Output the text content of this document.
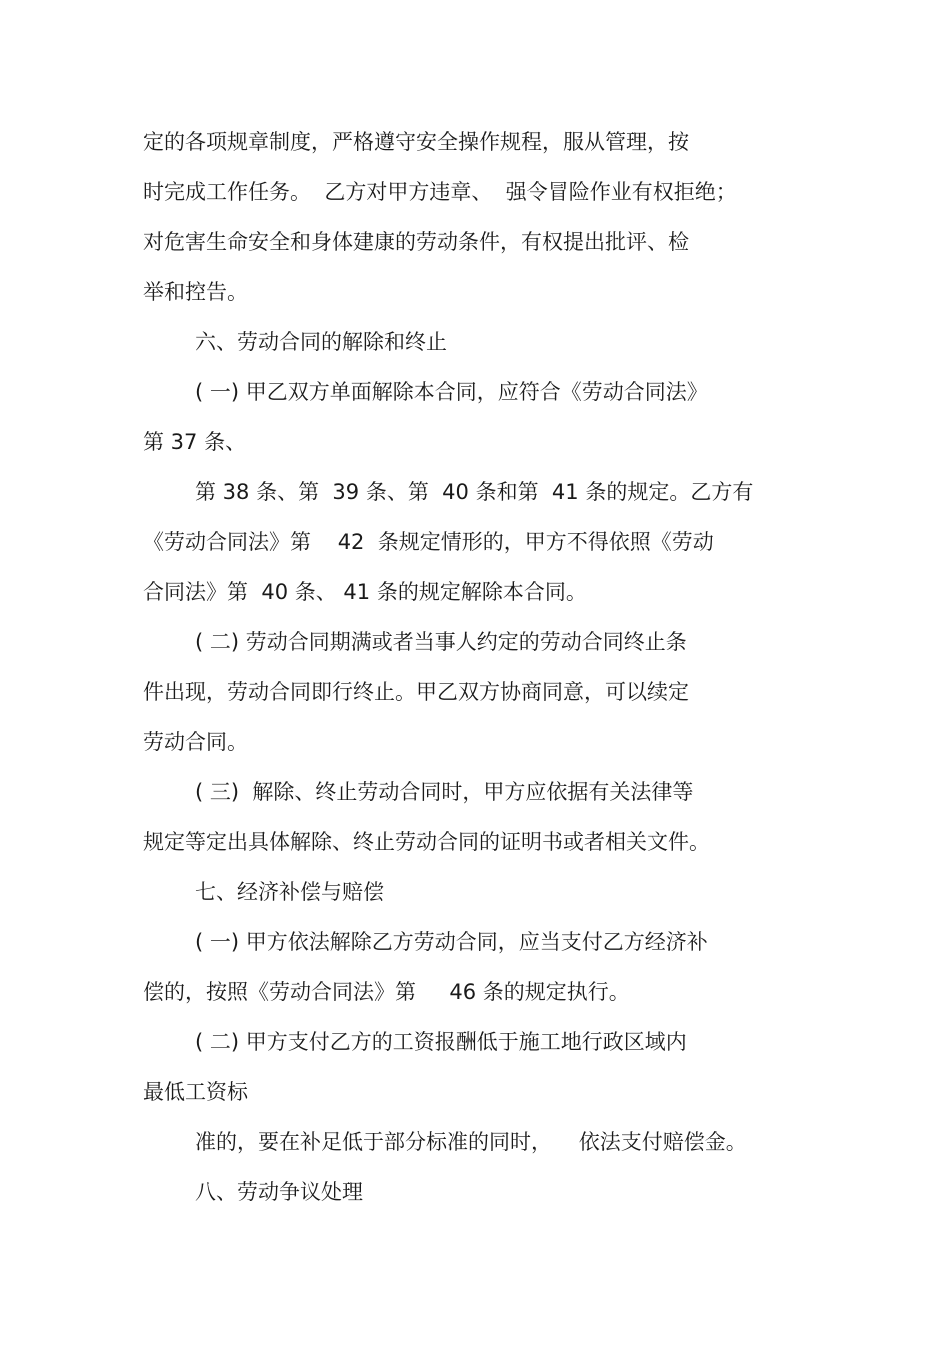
定的各项规章制度，严格遵守安全操作规程，服从管理，按

时完成工作任务。  乙方对甲方违章、  强令冒险作业有权拒绝；

对危害生命安全和身体建康的劳动条件，有权提出批评、检

举和控告。

六、劳动合同的解除和终止

( 一) 甲乙双方单面解除本合同，应符合《劳动合同法》

第 37 条、

第 38 条、第  39 条、第  40 条和第  41 条的规定。乙方有

《劳动合同法》第    42  条规定情形的，甲方不得依照《劳动

合同法》第  40 条、 41 条的规定解除本合同。

( 二) 劳动合同期满或者当事人约定的劳动合同终止条

件出现，劳动合同即行终止。甲乙双方协商同意，可以续定

劳动合同。

( 三)  解除、终止劳动合同时，甲方应依据有关法律等

规定等定出具体解除、终止劳动合同的证明书或者相关文件。

七、经济补偿与赔偿

( 一) 甲方依法解除乙方劳动合同，应当支付乙方经济补

偿的，按照《劳动合同法》第     46 条的规定执行。

( 二) 甲方支付乙方的工资报酬低于施工地行政区域内

最低工资标

准的，要在补足低于部分标准的同时，    依法支付赔偿金。

八、劳动争议处理
